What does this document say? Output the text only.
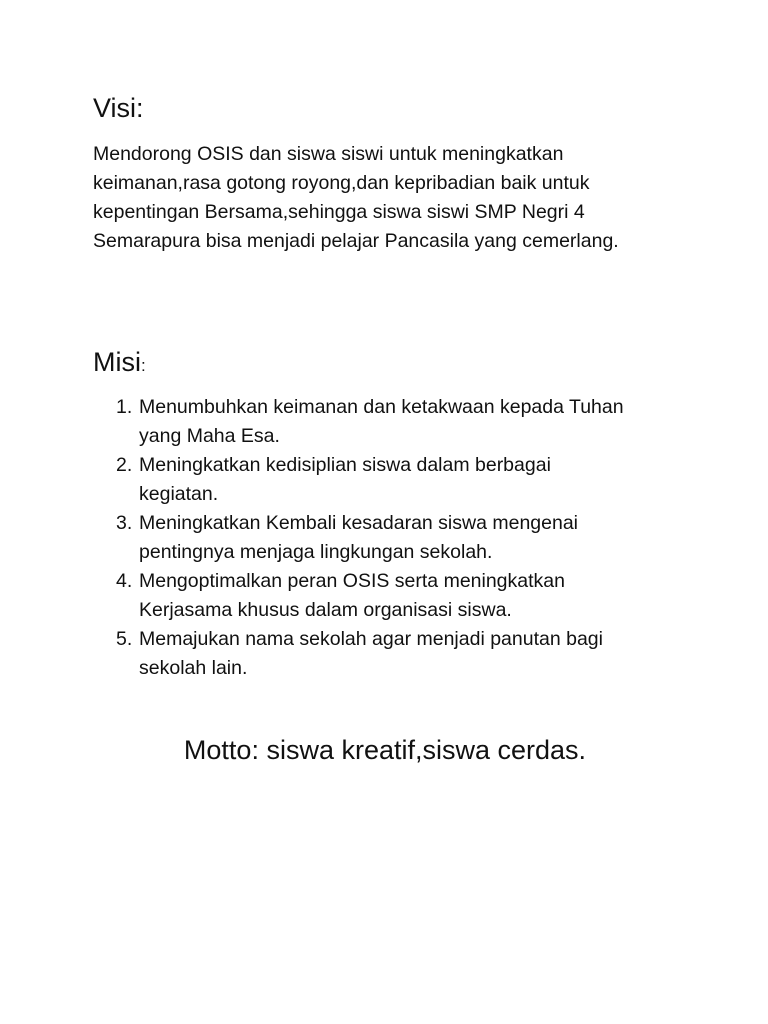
Visi:

Mendorong OSIS dan siswa siswi untuk meningkatkan
keimanan,rasa gotong royong,dan kepribadian baik untuk
kepentingan Bersama,sehingga siswa siswi SMP Negri 4
Semarapura bisa menjadi pelajar Pancasila yang cemerlang.

Misi:
1. Menumbuhkan keimanan dan ketakwaan kepada Tuhan
yang Maha Esa.
2. Meningkatkan kedisiplian siswa dalam berbagai
kegiatan.
3. Meningkatkan Kembali kesadaran siswa mengenai
pentingnya menjaga lingkungan sekolah.
4. Mengoptimalkan peran OSIS serta meningkatkan
Kerjasama khusus dalam organisasi siswa.
5. Memajukan nama sekolah agar menjadi panutan bagi
sekolah lain.

Motto: siswa kreatif,siswa cerdas.
